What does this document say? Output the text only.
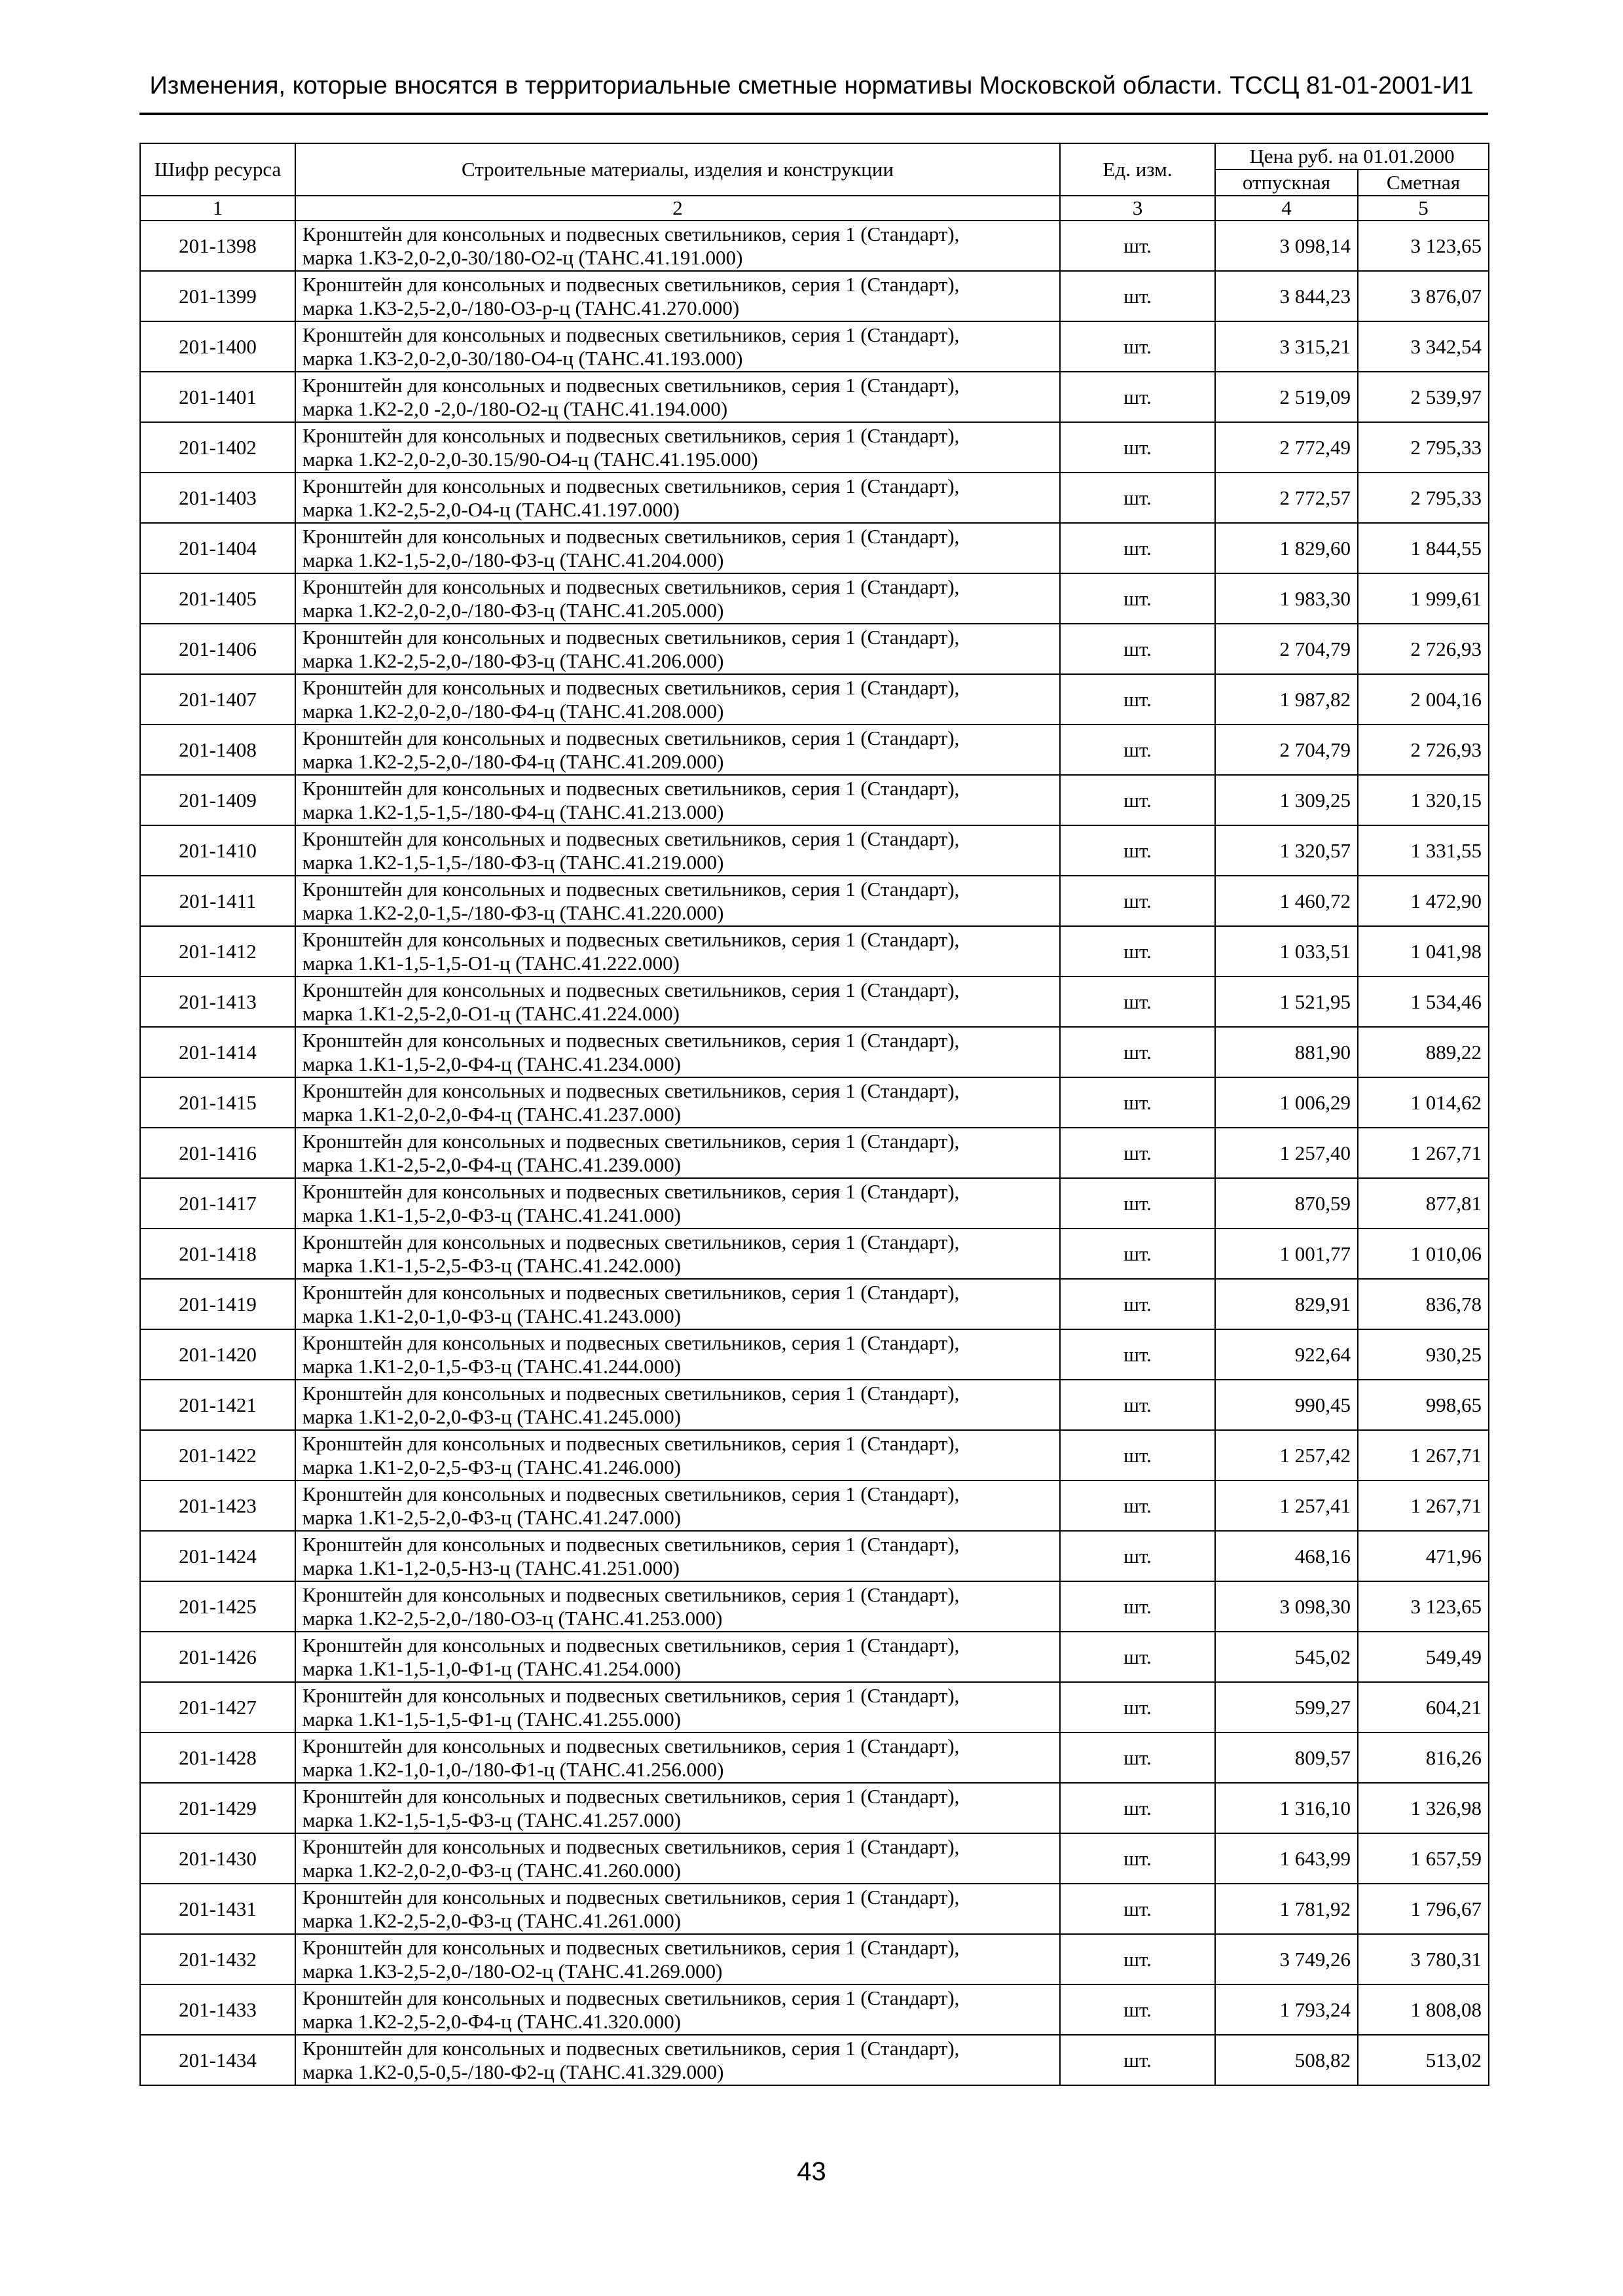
Изменения, которые вносятся в территориальные сметные нормативы Московской области. ТССЦ 81-01-2001-И1
Шифр ресурса	Строительные материалы, изделия и конструкции	Ед. изм.	Цена руб. на 01.01.2000	
			отпускная	Сметная
1	2	3	4	5
201-1398	Кронштейн для консольных и подвесных светильников, серия 1 (Стандарт),
марка 1.К3-2,0-2,0-30/180-О2-ц (ТАНС.41.191.000)	шт.	3 098,14	3 123,65
201-1399	Кронштейн для консольных и подвесных светильников, серия 1 (Стандарт),
марка 1.К3-2,5-2,0-/180-О3-р-ц (ТАНС.41.270.000)	шт.	3 844,23	3 876,07
201-1400	Кронштейн для консольных и подвесных светильников, серия 1 (Стандарт),
марка 1.К3-2,0-2,0-30/180-О4-ц (ТАНС.41.193.000)	шт.	3 315,21	3 342,54
201-1401	Кронштейн для консольных и подвесных светильников, серия 1 (Стандарт),
марка 1.К2-2,0 -2,0-/180-О2-ц (ТАНС.41.194.000)	шт.	2 519,09	2 539,97
201-1402	Кронштейн для консольных и подвесных светильников, серия 1 (Стандарт),
марка 1.К2-2,0-2,0-30.15/90-О4-ц (ТАНС.41.195.000)	шт.	2 772,49	2 795,33
201-1403	Кронштейн для консольных и подвесных светильников, серия 1 (Стандарт),
марка 1.К2-2,5-2,0-О4-ц (ТАНС.41.197.000)	шт.	2 772,57	2 795,33
201-1404	Кронштейн для консольных и подвесных светильников, серия 1 (Стандарт),
марка 1.К2-1,5-2,0-/180-Ф3-ц (ТАНС.41.204.000)	шт.	1 829,60	1 844,55
201-1405	Кронштейн для консольных и подвесных светильников, серия 1 (Стандарт),
марка 1.К2-2,0-2,0-/180-Ф3-ц (ТАНС.41.205.000)	шт.	1 983,30	1 999,61
201-1406	Кронштейн для консольных и подвесных светильников, серия 1 (Стандарт),
марка 1.К2-2,5-2,0-/180-Ф3-ц (ТАНС.41.206.000)	шт.	2 704,79	2 726,93
201-1407	Кронштейн для консольных и подвесных светильников, серия 1 (Стандарт),
марка 1.К2-2,0-2,0-/180-Ф4-ц (ТАНС.41.208.000)	шт.	1 987,82	2 004,16
201-1408	Кронштейн для консольных и подвесных светильников, серия 1 (Стандарт),
марка 1.К2-2,5-2,0-/180-Ф4-ц (ТАНС.41.209.000)	шт.	2 704,79	2 726,93
201-1409	Кронштейн для консольных и подвесных светильников, серия 1 (Стандарт),
марка 1.К2-1,5-1,5-/180-Ф4-ц (ТАНС.41.213.000)	шт.	1 309,25	1 320,15
201-1410	Кронштейн для консольных и подвесных светильников, серия 1 (Стандарт),
марка 1.К2-1,5-1,5-/180-Ф3-ц (ТАНС.41.219.000)	шт.	1 320,57	1 331,55
201-1411	Кронштейн для консольных и подвесных светильников, серия 1 (Стандарт),
марка 1.К2-2,0-1,5-/180-Ф3-ц (ТАНС.41.220.000)	шт.	1 460,72	1 472,90
201-1412	Кронштейн для консольных и подвесных светильников, серия 1 (Стандарт),
марка 1.К1-1,5-1,5-О1-ц (ТАНС.41.222.000)	шт.	1 033,51	1 041,98
201-1413	Кронштейн для консольных и подвесных светильников, серия 1 (Стандарт),
марка 1.К1-2,5-2,0-О1-ц (ТАНС.41.224.000)	шт.	1 521,95	1 534,46
201-1414	Кронштейн для консольных и подвесных светильников, серия 1 (Стандарт),
марка 1.К1-1,5-2,0-Ф4-ц (ТАНС.41.234.000)	шт.	881,90	889,22
201-1415	Кронштейн для консольных и подвесных светильников, серия 1 (Стандарт),
марка 1.К1-2,0-2,0-Ф4-ц (ТАНС.41.237.000)	шт.	1 006,29	1 014,62
201-1416	Кронштейн для консольных и подвесных светильников, серия 1 (Стандарт),
марка 1.К1-2,5-2,0-Ф4-ц (ТАНС.41.239.000)	шт.	1 257,40	1 267,71
201-1417	Кронштейн для консольных и подвесных светильников, серия 1 (Стандарт),
марка 1.К1-1,5-2,0-Ф3-ц (ТАНС.41.241.000)	шт.	870,59	877,81
201-1418	Кронштейн для консольных и подвесных светильников, серия 1 (Стандарт),
марка 1.К1-1,5-2,5-Ф3-ц (ТАНС.41.242.000)	шт.	1 001,77	1 010,06
201-1419	Кронштейн для консольных и подвесных светильников, серия 1 (Стандарт),
марка 1.К1-2,0-1,0-Ф3-ц (ТАНС.41.243.000)	шт.	829,91	836,78
201-1420	Кронштейн для консольных и подвесных светильников, серия 1 (Стандарт),
марка 1.К1-2,0-1,5-Ф3-ц (ТАНС.41.244.000)	шт.	922,64	930,25
201-1421	Кронштейн для консольных и подвесных светильников, серия 1 (Стандарт),
марка 1.К1-2,0-2,0-Ф3-ц (ТАНС.41.245.000)	шт.	990,45	998,65
201-1422	Кронштейн для консольных и подвесных светильников, серия 1 (Стандарт),
марка 1.К1-2,0-2,5-Ф3-ц (ТАНС.41.246.000)	шт.	1 257,42	1 267,71
201-1423	Кронштейн для консольных и подвесных светильников, серия 1 (Стандарт),
марка 1.К1-2,5-2,0-Ф3-ц (ТАНС.41.247.000)	шт.	1 257,41	1 267,71
201-1424	Кронштейн для консольных и подвесных светильников, серия 1 (Стандарт),
марка 1.К1-1,2-0,5-Н3-ц (ТАНС.41.251.000)	шт.	468,16	471,96
201-1425	Кронштейн для консольных и подвесных светильников, серия 1 (Стандарт),
марка 1.К2-2,5-2,0-/180-О3-ц (ТАНС.41.253.000)	шт.	3 098,30	3 123,65
201-1426	Кронштейн для консольных и подвесных светильников, серия 1 (Стандарт),
марка 1.К1-1,5-1,0-Ф1-ц (ТАНС.41.254.000)	шт.	545,02	549,49
201-1427	Кронштейн для консольных и подвесных светильников, серия 1 (Стандарт),
марка 1.К1-1,5-1,5-Ф1-ц (ТАНС.41.255.000)	шт.	599,27	604,21
201-1428	Кронштейн для консольных и подвесных светильников, серия 1 (Стандарт),
марка 1.К2-1,0-1,0-/180-Ф1-ц (ТАНС.41.256.000)	шт.	809,57	816,26
201-1429	Кронштейн для консольных и подвесных светильников, серия 1 (Стандарт),
марка 1.К2-1,5-1,5-Ф3-ц (ТАНС.41.257.000)	шт.	1 316,10	1 326,98
201-1430	Кронштейн для консольных и подвесных светильников, серия 1 (Стандарт),
марка 1.К2-2,0-2,0-Ф3-ц (ТАНС.41.260.000)	шт.	1 643,99	1 657,59
201-1431	Кронштейн для консольных и подвесных светильников, серия 1 (Стандарт),
марка 1.К2-2,5-2,0-Ф3-ц (ТАНС.41.261.000)	шт.	1 781,92	1 796,67
201-1432	Кронштейн для консольных и подвесных светильников, серия 1 (Стандарт),
марка 1.К3-2,5-2,0-/180-О2-ц (ТАНС.41.269.000)	шт.	3 749,26	3 780,31
201-1433	Кронштейн для консольных и подвесных светильников, серия 1 (Стандарт),
марка 1.К2-2,5-2,0-Ф4-ц (ТАНС.41.320.000)	шт.	1 793,24	1 808,08
201-1434	Кронштейн для консольных и подвесных светильников, серия 1 (Стандарт),
марка 1.К2-0,5-0,5-/180-Ф2-ц (ТАНС.41.329.000)	шт.	508,82	513,02
43
